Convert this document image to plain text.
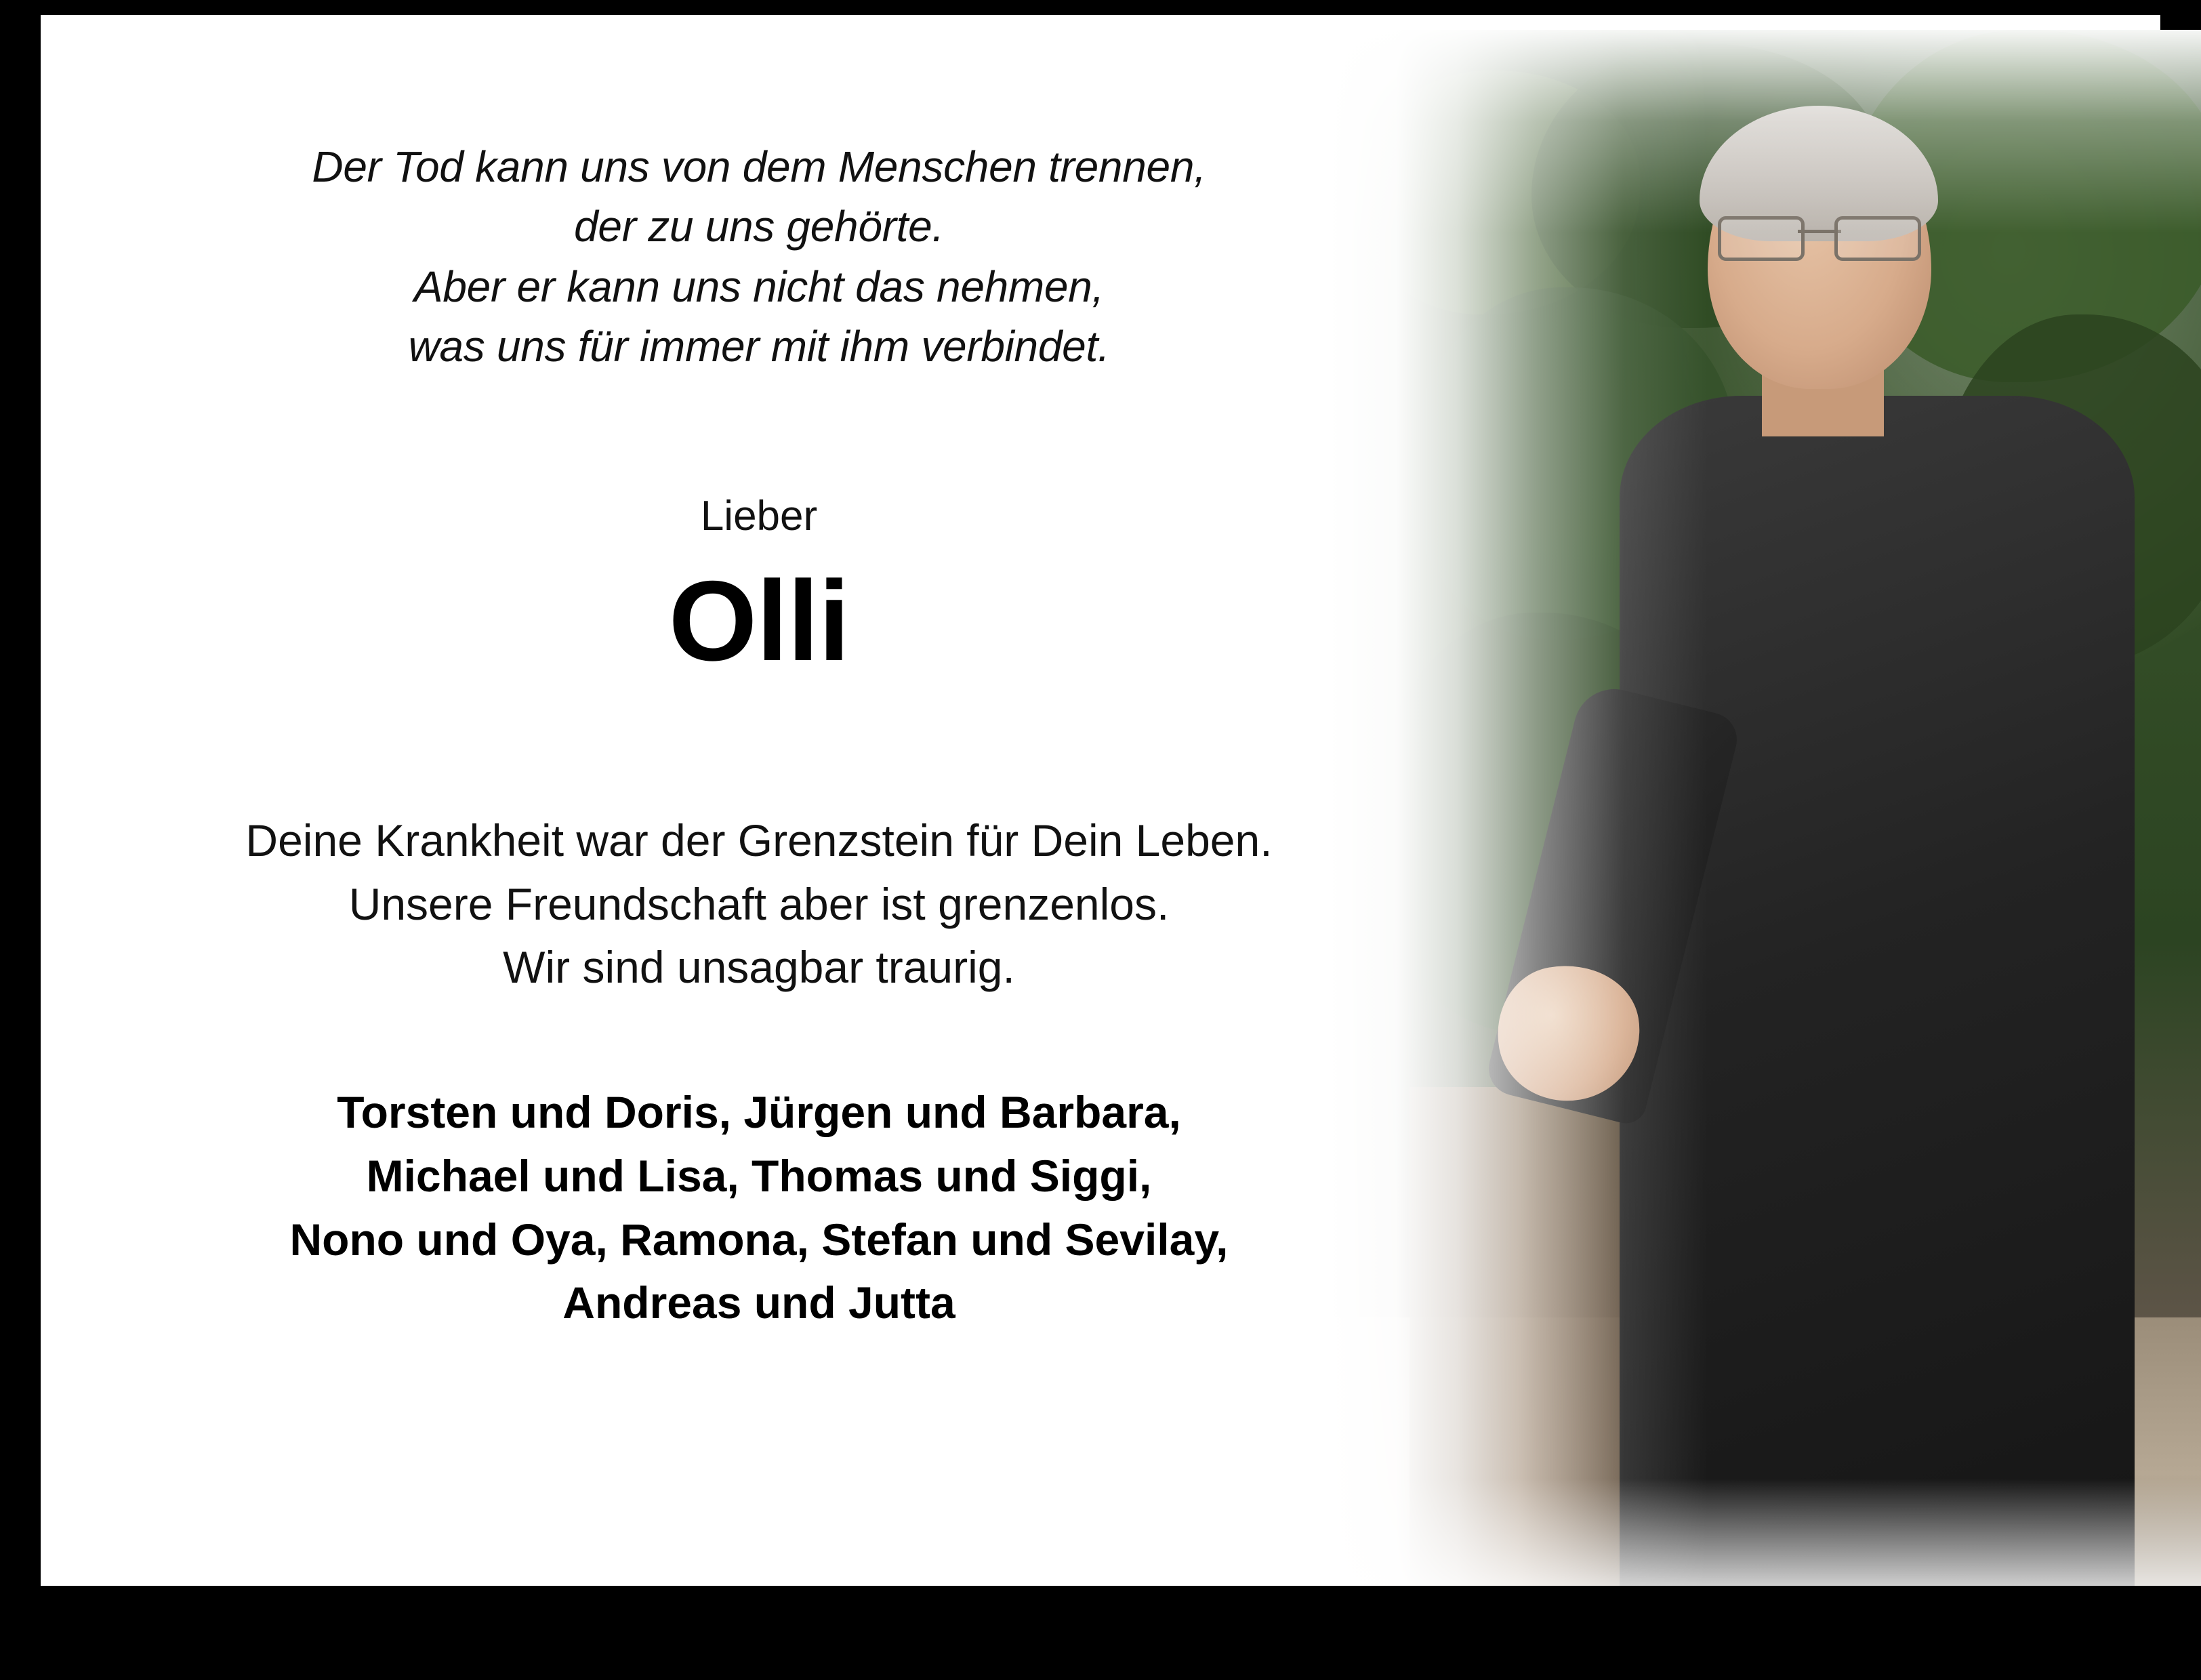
Der Tod kann uns von dem Menschen trennen,
der zu uns gehörte.
Aber er kann uns nicht das nehmen,
was uns für immer mit ihm verbindet.
Lieber
Olli
Deine Krankheit war der Grenzstein für Dein Leben.
Unsere Freundschaft aber ist grenzenlos.
Wir sind unsagbar traurig.
Torsten und Doris, Jürgen und Barbara,
Michael und Lisa, Thomas und Siggi,
Nono und Oya, Ramona, Stefan und Sevilay,
Andreas und Jutta
